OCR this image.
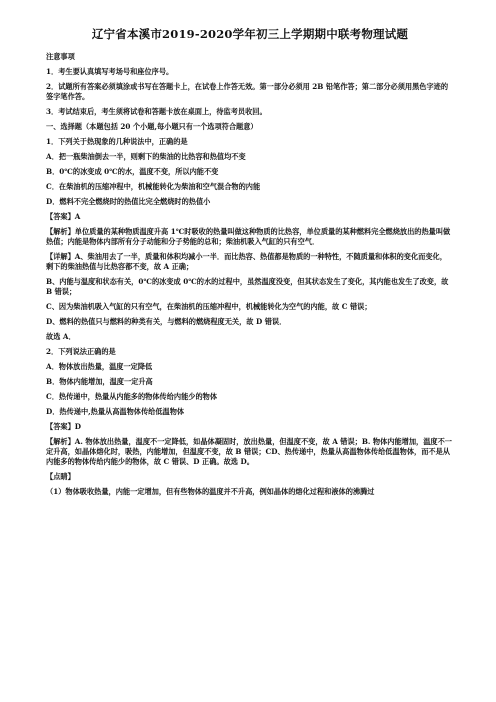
辽宁省本溪市2019-2020学年初三上学期期中联考物理试题
注意事项
1．考生要认真填写考场号和座位序号。
2．试题所有答案必须填涂或书写在答题卡上，在试卷上作答无效。第一部分必须用 2B 铅笔作答；第二部分必须用黑色字迹的签字笔作答。
3．考试结束后，考生须将试卷和答题卡放在桌面上，待监考员收回。
一、选择题（本题包括 20 个小题,每小题只有一个选项符合题意）
1．下列关于热现象的几种说法中，正确的是
A．把一瓶柴油倒去一半，则剩下的柴油的比热容和热值均不变
B．0℃的冰变成 0℃的水，温度不变，所以内能不变
C．在柴油机的压缩冲程中，机械能转化为柴油和空气混合物的内能
D．燃料不完全燃烧时的热值比完全燃烧时的热值小
【答案】A
【解析】单位质量的某种物质温度升高 1℃时吸收的热量叫做这种物质的比热容，单位质量的某种燃料完全燃烧放出的热量叫做热值；内能是物体内部所有分子动能和分子势能的总和；柴油机吸入气缸的只有空气．
【详解】A、柴油用去了一半，质量和体积均减小一半．而比热容、热值都是物质的一种特性，不随质量和体积的变化而变化，剩下的柴油热值与比热容都不变，故 A 正确；
B、内能与温度和状态有关，0℃的冰变成 0℃的水的过程中，虽然温度没变，但其状态发生了变化，其内能也发生了改变，故 B 错误；
C、因为柴油机吸入气缸的只有空气，在柴油机的压缩冲程中，机械能转化为空气的内能，故 C 错误；
D、燃料的热值只与燃料的种类有关，与燃料的燃烧程度无关，故 D 错误．
故选 A．
2．下列说法正确的是
A．物体放出热量，温度一定降低
B．物体内能增加，温度一定升高
C．热传递中，热量从内能多的物体传给内能少的物体
D．热传递中,热量从高温物体传给低温物体
【答案】D
【解析】A. 物体放出热量，温度不一定降低，如晶体凝固时，放出热量，但温度不变，故 A 错误；B. 物体内能增加，温度不一定升高，如晶体熔化时，吸热，内能增加，但温度不变，故 B 错误；CD、热传递中，热量从高温物体传给低温物体，而不是从内能多的物体传给内能少的物体，故 C 错误、D 正确。故选 D。
【点睛】
（1）物体吸收热量，内能一定增加，但有些物体的温度并不升高，例如晶体的熔化过程和液体的沸腾过
